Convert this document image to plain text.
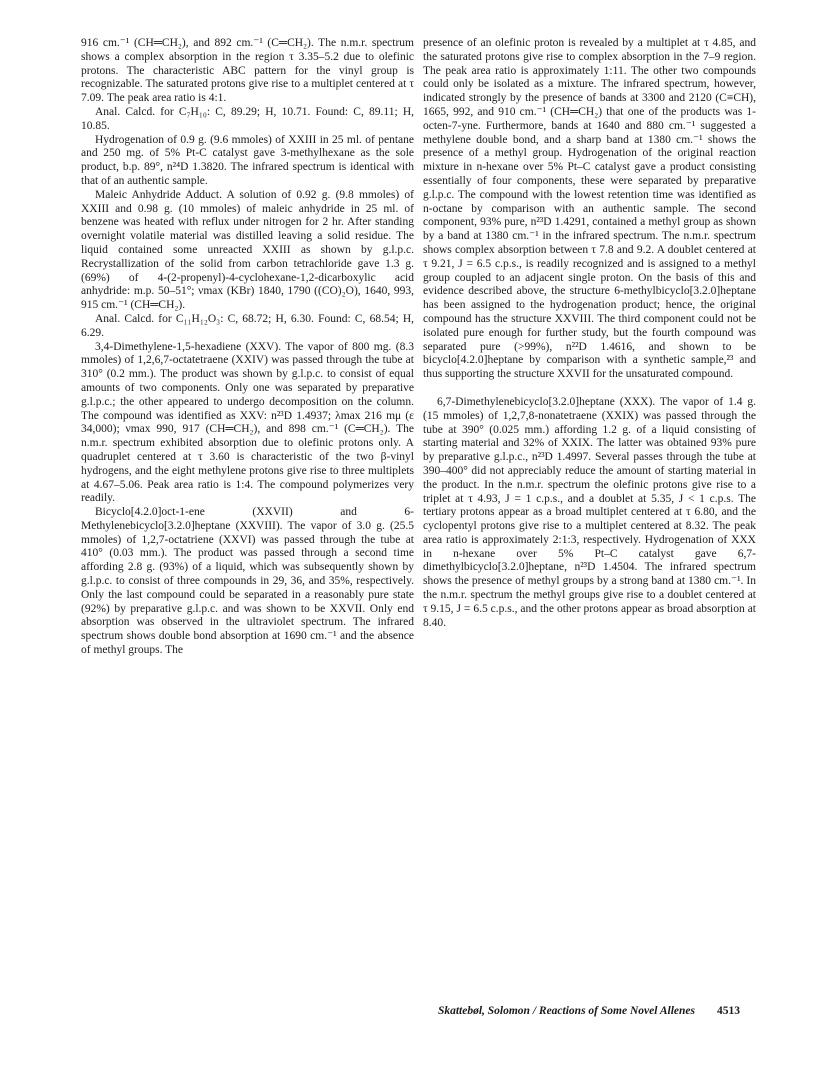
916 cm.⁻¹ (CH═CH₂), and 892 cm.⁻¹ (C═CH₂). The n.m.r. spectrum shows a complex absorption in the region τ 3.35–5.2 due to olefinic protons. The characteristic ABC pattern for the vinyl group is recognizable. The saturated protons give rise to a multiplet centered at τ 7.09. The peak area ratio is 4:1.

Anal. Calcd. for C₇H₁₀: C, 89.29; H, 10.71. Found: C, 89.11; H, 10.85.

Hydrogenation of 0.9 g. (9.6 mmoles) of XXIII in 25 ml. of pentane and 250 mg. of 5% Pt-C catalyst gave 3-methylhexane as the sole product, b.p. 89°, n²⁴D 1.3820. The infrared spectrum is identical with that of an authentic sample.

Maleic Anhydride Adduct. A solution of 0.92 g. (9.8 mmoles) of XXIII and 0.98 g. (10 mmoles) of maleic anhydride in 25 ml. of benzene was heated with reflux under nitrogen for 2 hr. After standing overnight volatile material was distilled leaving a solid residue. The liquid contained some unreacted XXIII as shown by g.l.p.c. Recrystallization of the solid from carbon tetrachloride gave 1.3 g. (69%) of 4-(2-propenyl)-4-cyclohexane-1,2-dicarboxylic acid anhydride: m.p. 50–51°; νmax (KBr) 1840, 1790 ((CO)₂O), 1640, 993, 915 cm.⁻¹ (CH═CH₂).

Anal. Calcd. for C₁₁H₁₂O₃: C, 68.72; H, 6.30. Found: C, 68.54; H, 6.29.

3,4-Dimethylene-1,5-hexadiene (XXV). The vapor of 800 mg. (8.3 mmoles) of 1,2,6,7-octatetraene (XXIV) was passed through the tube at 310° (0.2 mm.). The product was shown by g.l.p.c. to consist of equal amounts of two components. Only one was separated by preparative g.l.p.c.; the other appeared to undergo decomposition on the column. The compound was identified as XXV: n²³D 1.4937; λmax 216 mμ (ε 34,000); νmax 990, 917 (CH═CH₂), and 898 cm.⁻¹ (C═CH₂). The n.m.r. spectrum exhibited absorption due to olefinic protons only. A quadruplet centered at τ 3.60 is characteristic of the two β-vinyl hydrogens, and the eight methylene protons give rise to three multiplets at 4.67–5.06. Peak area ratio is 1:4. The compound polymerizes very readily.

Bicyclo[4.2.0]oct-1-ene (XXVII) and 6-Methylenebicyclo[3.2.0]heptane (XXVIII). The vapor of 3.0 g. (25.5 mmoles) of 1,2,7-octatriene (XXVI) was passed through the tube at 410° (0.03 mm.). The product was passed through a second time affording 2.8 g. (93%) of a liquid, which was subsequently shown by g.l.p.c. to consist of three compounds in 29, 36, and 35%, respectively. Only the last compound could be separated in a reasonably pure state (92%) by preparative g.l.p.c. and was shown to be XXVII. Only end absorption was observed in the ultraviolet spectrum. The infrared spectrum shows double bond absorption at 1690 cm.⁻¹ and the absence of methyl groups. The

presence of an olefinic proton is revealed by a multiplet at τ 4.85, and the saturated protons give rise to complex absorption in the 7–9 region. The peak area ratio is approximately 1:11. The other two compounds could only be isolated as a mixture. The infrared spectrum, however, indicated strongly by the presence of bands at 3300 and 2120 (C≡CH), 1665, 992, and 910 cm.⁻¹ (CH═CH₂) that one of the products was 1-octen-7-yne. Furthermore, bands at 1640 and 880 cm.⁻¹ suggested a methylene double bond, and a sharp band at 1380 cm.⁻¹ shows the presence of a methyl group. Hydrogenation of the original reaction mixture in n-hexane over 5% Pt–C catalyst gave a product consisting essentially of four components, these were separated by preparative g.l.p.c. The compound with the lowest retention time was identified as n-octane by comparison with an authentic sample. The second component, 93% pure, n²³D 1.4291, contained a methyl group as shown by a band at 1380 cm.⁻¹ in the infrared spectrum. The n.m.r. spectrum shows complex absorption between τ 7.8 and 9.2. A doublet centered at τ 9.21, J = 6.5 c.p.s., is readily recognized and is assigned to a methyl group coupled to an adjacent single proton. On the basis of this and evidence described above, the structure 6-methylbicyclo[3.2.0]heptane has been assigned to the hydrogenation product; hence, the original compound has the structure XXVIII. The third component could not be isolated pure enough for further study, but the fourth compound was separated pure (>99%), n²²D 1.4616, and shown to be bicyclo[4.2.0]heptane by comparison with a synthetic sample,²³ and thus supporting the structure XXVII for the unsaturated compound.

6,7-Dimethylenebicyclo[3.2.0]heptane (XXX). The vapor of 1.4 g. (15 mmoles) of 1,2,7,8-nonatetraene (XXIX) was passed through the tube at 390° (0.025 mm.) affording 1.2 g. of a liquid consisting of starting material and 32% of XXIX. The latter was obtained 93% pure by preparative g.l.p.c., n²³D 1.4997. Several passes through the tube at 390–400° did not appreciably reduce the amount of starting material in the product. In the n.m.r. spectrum the olefinic protons give rise to a triplet at τ 4.93, J = 1 c.p.s., and a doublet at 5.35, J < 1 c.p.s. The tertiary protons appear as a broad multiplet centered at τ 6.80, and the cyclopentyl protons give rise to a multiplet centered at 8.32. The peak area ratio is approximately 2:1:3, respectively. Hydrogenation of XXX in n-hexane over 5% Pt–C catalyst gave 6,7-dimethylbicyclo[3.2.0]heptane, n²³D 1.4504. The infrared spectrum shows the presence of methyl groups by a strong band at 1380 cm.⁻¹. In the n.m.r. spectrum the methyl groups give rise to a doublet centered at τ 9.15, J = 6.5 c.p.s., and the other protons appear as broad absorption at 8.40.

Skattebøl, Solomon / Reactions of Some Novel Allenes 4513
